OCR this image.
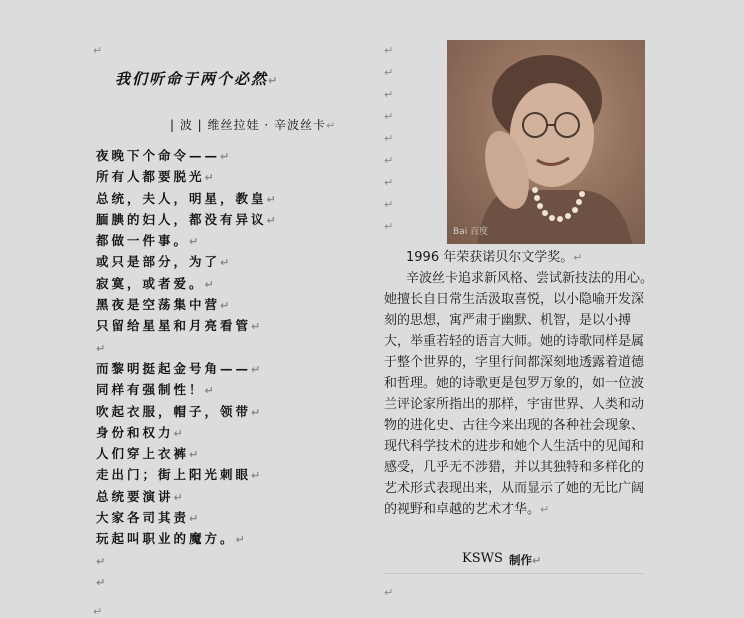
↵
我们听命于两个必然↵
| 波 | 维丝拉娃 · 辛波丝卡↵
夜晚下个命令——↵
所有人都要脱光↵
总统，夫人，明星，教皇↵
腼腆的妇人，都没有异议↵
都做一件事。↵
或只是部分，为了↵
寂寞，或者爱。↵
黑夜是空荡集中营↵
只留给星星和月亮看管↵
↵
而黎明挺起金号角——↵
同样有强制性！↵
吹起衣服，帽子，领带↵
身份和权力↵
人们穿上衣裤↵
走出门；街上阳光刺眼↵
总统要演讲↵
大家各司其责↵
玩起叫职业的魔方。↵
↵
↵
↵
↵
↵
↵
↵
↵
↵
↵
↵	Bai 百度

1996 年荣获诺贝尔文学奖。↵

辛波丝卡追求新风格、尝试新技法的用心。 她擅长自日常生活汲取喜悦，以小隐喻开发深刻的思想，寓严肃于幽默、机智，是以小搏大，举重若轻的语言大师。她的诗歌同样是属于整个世界的，字里行间都深刻地透露着道德和哲理。她的诗歌更是包罗万象的，如一位波兰评论家所指出的那样，宇宙世界、人类和动物的进化史、古往今来出现的各种社会现象、现代科学技术的进步和她个人生活中的见闻和感受，几乎无不涉猎，并以其独特和多样化的艺术形式表现出来，从而显示了她的无比广阔的视野和卓越的艺术才华。↵

KSWS 制作↵
↵
↵
